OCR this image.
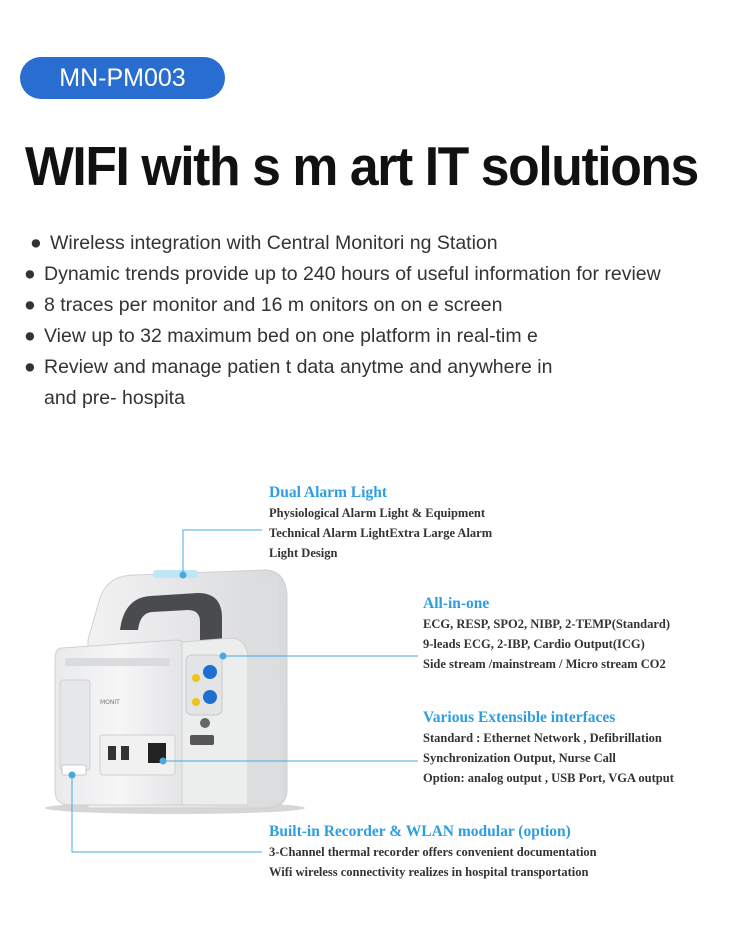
MN-PM003
WIFI with s m art IT solutions
● Wireless integration with Central Monitori ng Station
● Dynamic trends provide up to 240 hours of useful information for review
● 8 traces per monitor and 16 m onitors on on e screen
● View up to 32 maximum bed on one platform in real-tim e
● Review and manage patien t data anytme and anywhere in
and pre- hospita
MONIT
Dual Alarm Light
Physiological Alarm Light & Equipment
Technical Alarm LightExtra Large Alarm
Light Design
All-in-one
ECG, RESP, SPO2, NIBP, 2-TEMP(Standard)
9-leads ECG, 2-IBP, Cardio Output(ICG)
Side stream /mainstream / Micro stream CO2
Various Extensible interfaces
Standard : Ethernet Network , Defibrillation
Synchronization Output, Nurse Call
Option: analog output , USB Port, VGA output
Built-in Recorder & WLAN modular (option)
3-Channel thermal recorder offers convenient documentation
Wifi wireless connectivity realizes in hospital transportation
